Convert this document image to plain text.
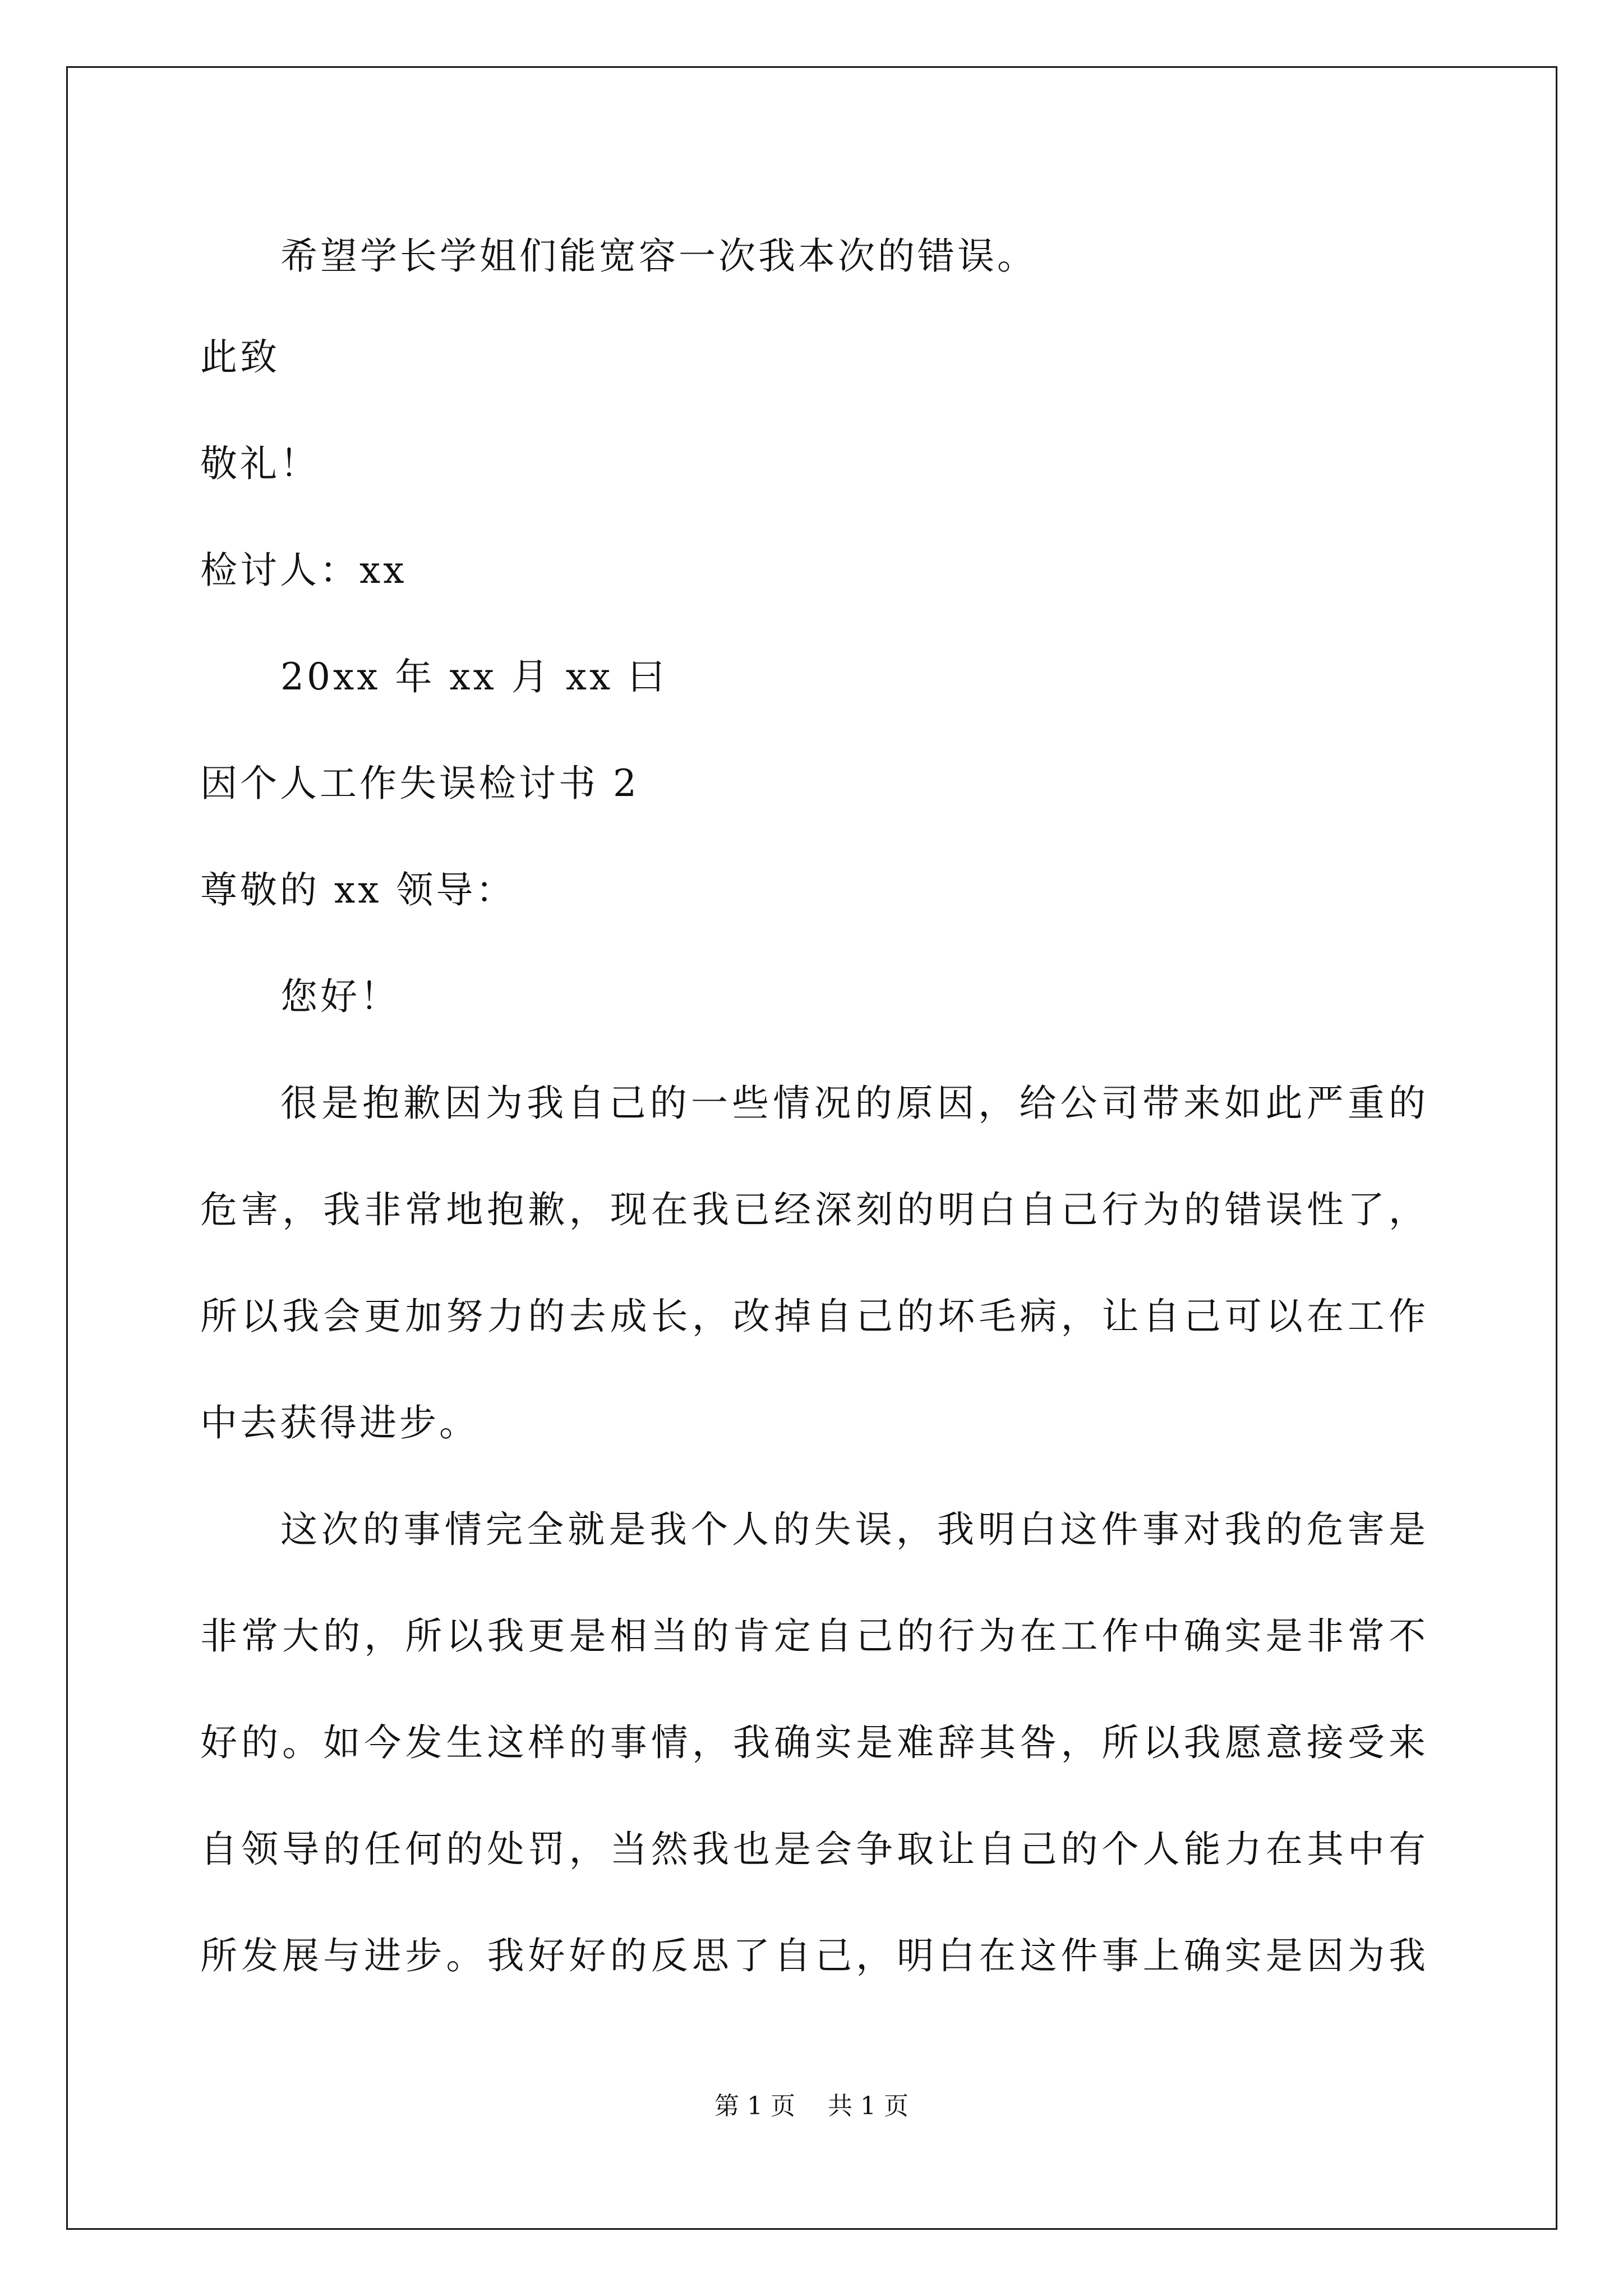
希望学长学姐们能宽容一次我本次的错误。
此致
敬礼！
检讨人：xx
20xx 年 xx 月 xx 曰
因个人工作失误检讨书 2
尊敬的 xx 领导：
您好！
很是抱歉因为我自己的一些情况的原因，给公司带来如此严重的
危害，我非常地抱歉，现在我已经深刻的明白自己行为的错误性了，
所以我会更加努力的去成长，改掉自己的坏毛病，让自己可以在工作
中去获得进步。
这次的事情完全就是我个人的失误，我明白这件事对我的危害是
非常大的，所以我更是相当的肯定自己的行为在工作中确实是非常不
好的。如今发生这样的事情，我确实是难辞其咎，所以我愿意接受来
自领导的任何的处罚，当然我也是会争取让自己的个人能力在其中有
所发展与进步。我好好的反思了自己，明白在这件事上确实是因为我
第 1 页　 共 1 页
